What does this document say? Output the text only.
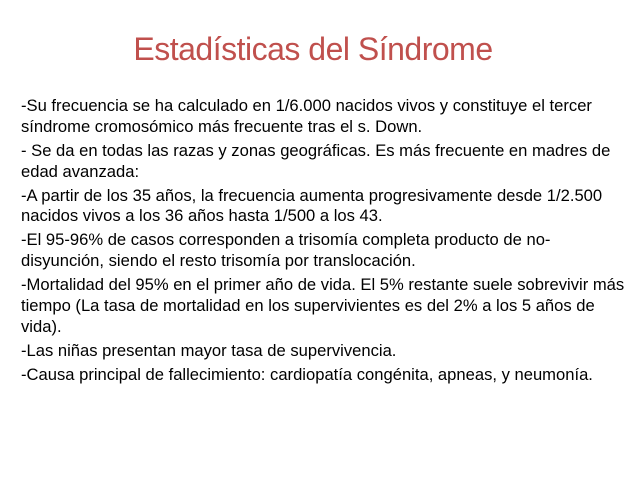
Estadísticas del Síndrome

-Su frecuencia se ha calculado en 1/6.000 nacidos vivos y constituye el tercer síndrome cromosómico más frecuente tras el s. Down.

- Se da en todas las razas y zonas geográficas. Es más frecuente en madres de edad avanzada:

-A partir de los 35 años, la frecuencia aumenta progresivamente desde 1/2.500 nacidos vivos a los 36 años hasta 1/500 a los 43.

-El 95-96% de casos corresponden a trisomía completa producto de no-disyunción, siendo el resto trisomía por translocación.

-Mortalidad del 95% en el primer año de vida. El 5% restante suele sobrevivir más tiempo (La tasa de mortalidad en los supervivientes es del 2% a los 5 años de vida).

-Las niñas presentan mayor tasa de supervivencia.

-Causa principal de fallecimiento: cardiopatía congénita, apneas, y neumonía.
